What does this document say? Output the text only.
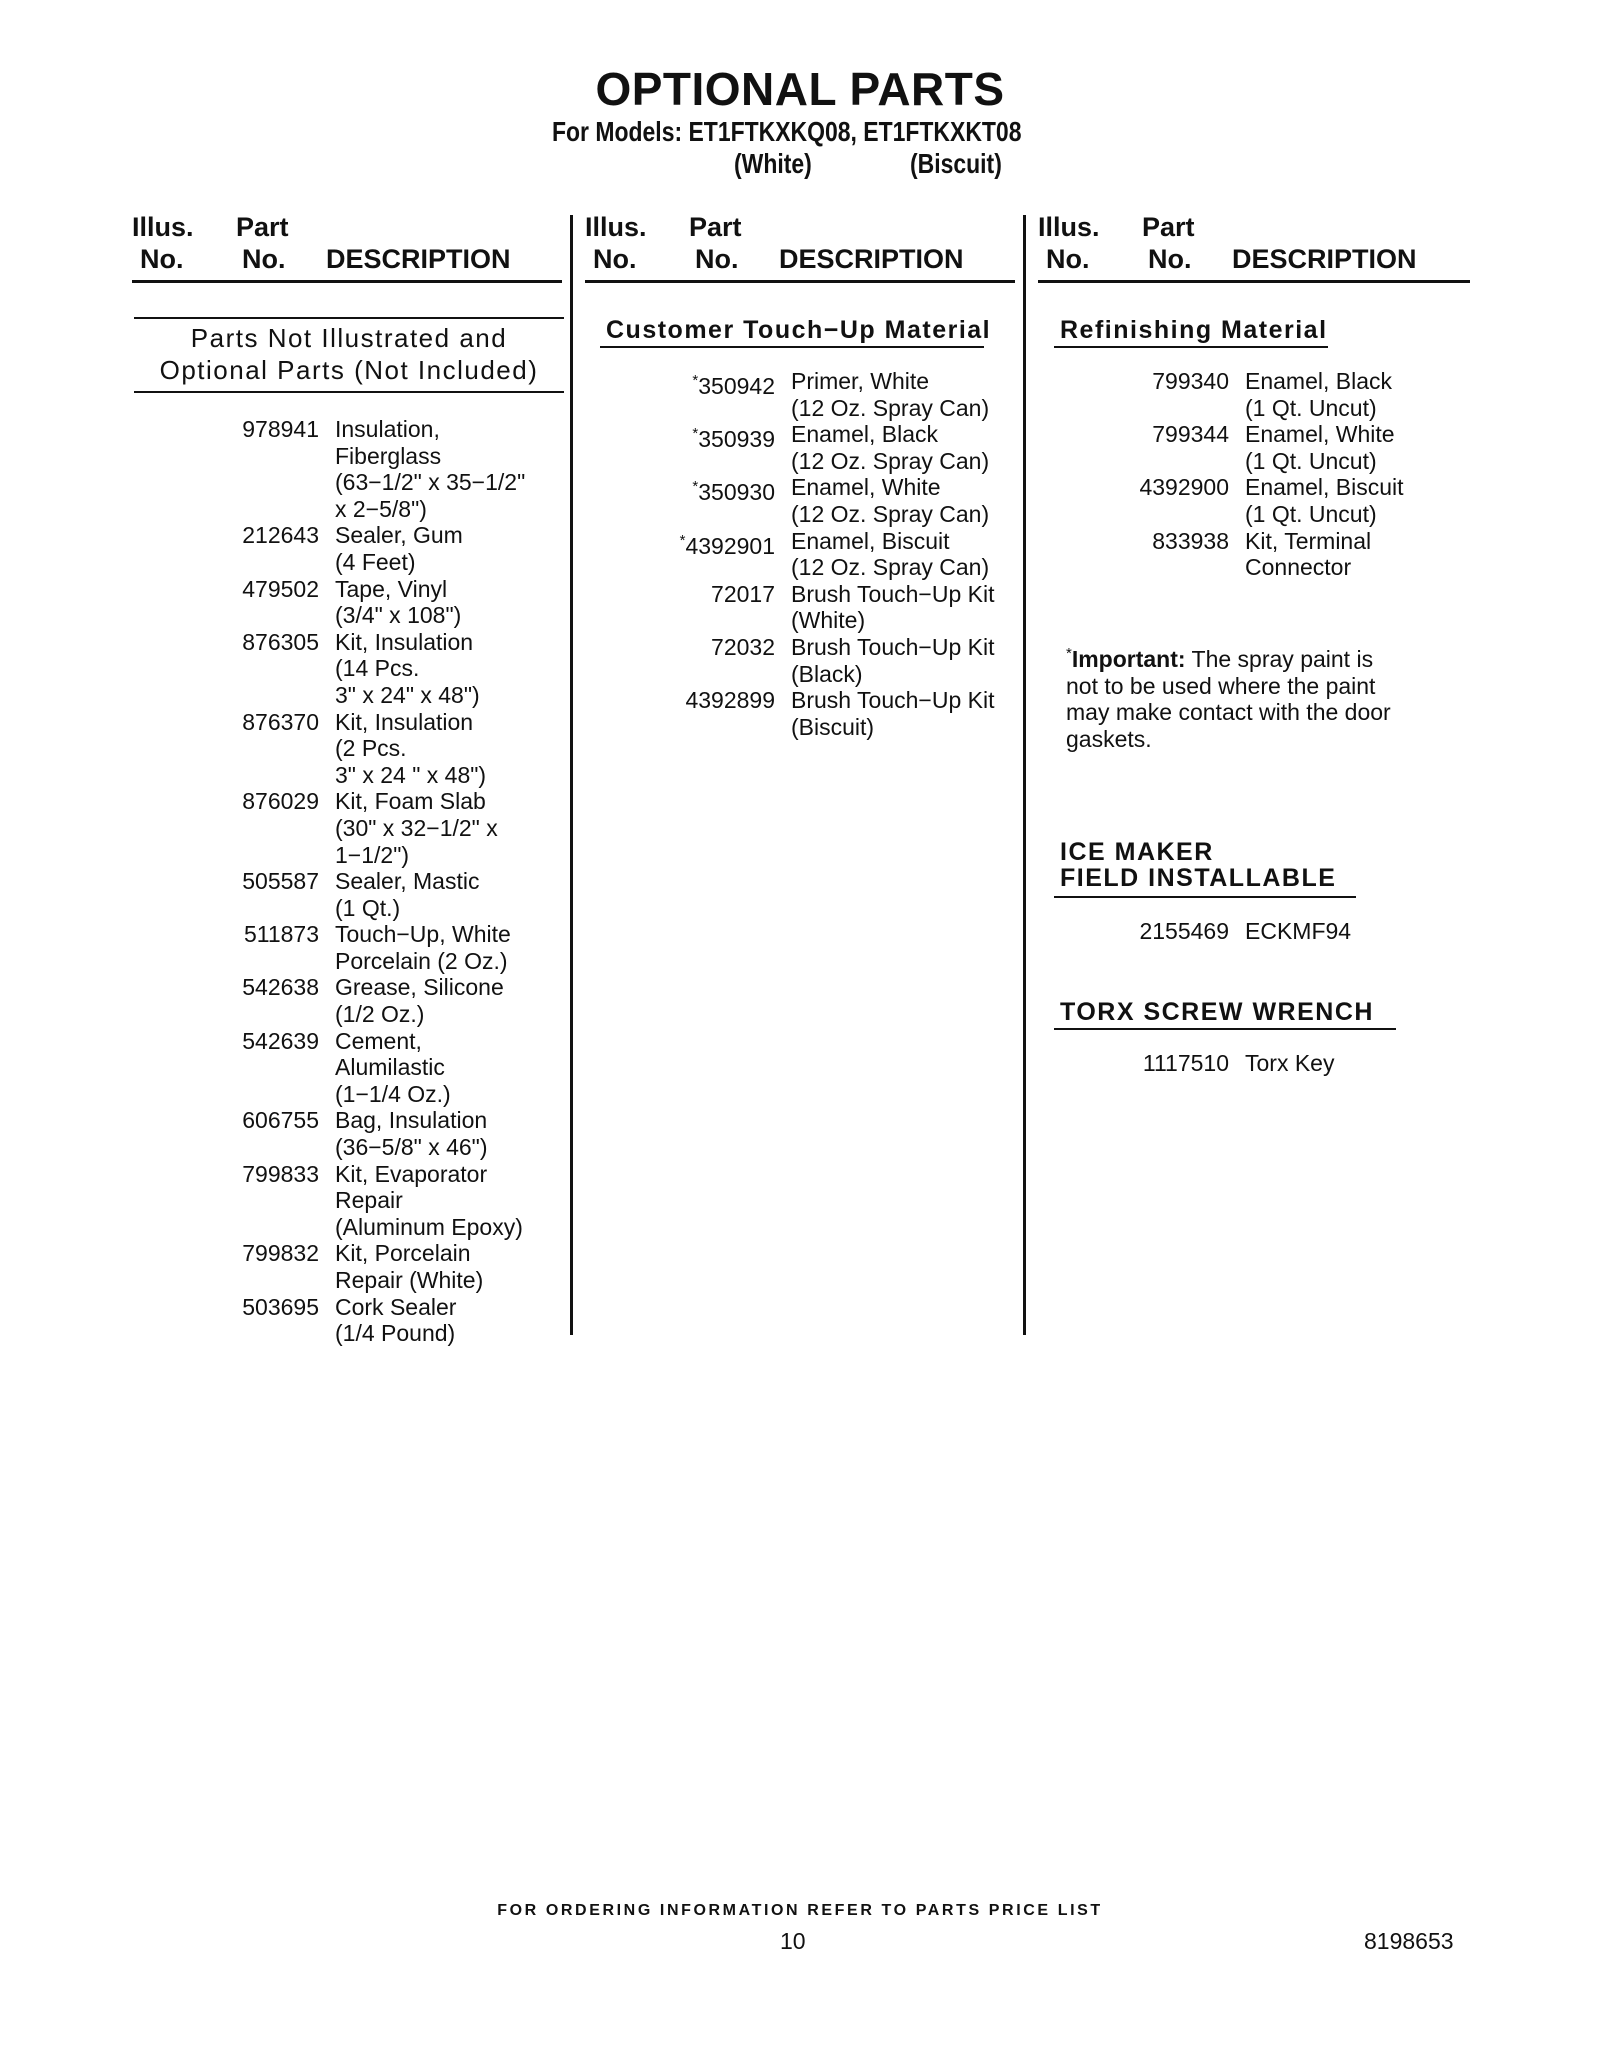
OPTIONAL PARTS
For Models: ET1FTKXKQ08, ET1FTKXKT08
(White)	(Biscuit)
Illus.
No.
Part
No. DESCRIPTION
Illus.
No.
Part
No. DESCRIPTION
Illus.
No.
Part
No. DESCRIPTION
Parts Not Illustrated and
Optional Parts (Not Included)
978941 Insulation,
Fiberglass
(63−1/2" x 35−1/2"
x 2−5/8")
212643 Sealer, Gum
(4 Feet)
479502 Tape, Vinyl
(3/4" x 108")
876305 Kit, Insulation
(14 Pcs.
3" x 24" x 48")
876370 Kit, Insulation
(2 Pcs.
3" x 24 " x 48")
876029 Kit, Foam Slab
(30" x 32−1/2" x
1−1/2")
505587 Sealer, Mastic
(1 Qt.)
511873 Touch−Up, White
Porcelain (2 Oz.)
542638 Grease, Silicone
(1/2 Oz.)
542639 Cement,
Alumilastic
(1−1/4 Oz.)
606755 Bag, Insulation
(36−5/8" x 46")
799833 Kit, Evaporator
Repair
(Aluminum Epoxy)
799832 Kit, Porcelain
Repair (White)
503695 Cork Sealer
(1/4 Pound)
Customer Touch−Up Material
*350942 Primer, White
(12 Oz. Spray Can)
*350939 Enamel, Black
(12 Oz. Spray Can)
*350930 Enamel, White
(12 Oz. Spray Can)
*4392901 Enamel, Biscuit
(12 Oz. Spray Can)
72017 Brush Touch−Up Kit
(White)
72032 Brush Touch−Up Kit
(Black)
4392899 Brush Touch−Up Kit
(Biscuit)
Refinishing Material
799340 Enamel, Black
(1 Qt. Uncut)
799344 Enamel, White
(1 Qt. Uncut)
4392900 Enamel, Biscuit
(1 Qt. Uncut)
833938 Kit, Terminal
Connector
*Important: The spray paint is
not to be used where the paint
may make contact with the door
gaskets.
ICE MAKER
FIELD INSTALLABLE
2155469 ECKMF94
TORX SCREW WRENCH
1117510 Torx Key
FOR ORDERING INFORMATION REFER TO PARTS PRICE LIST
10	8198653
